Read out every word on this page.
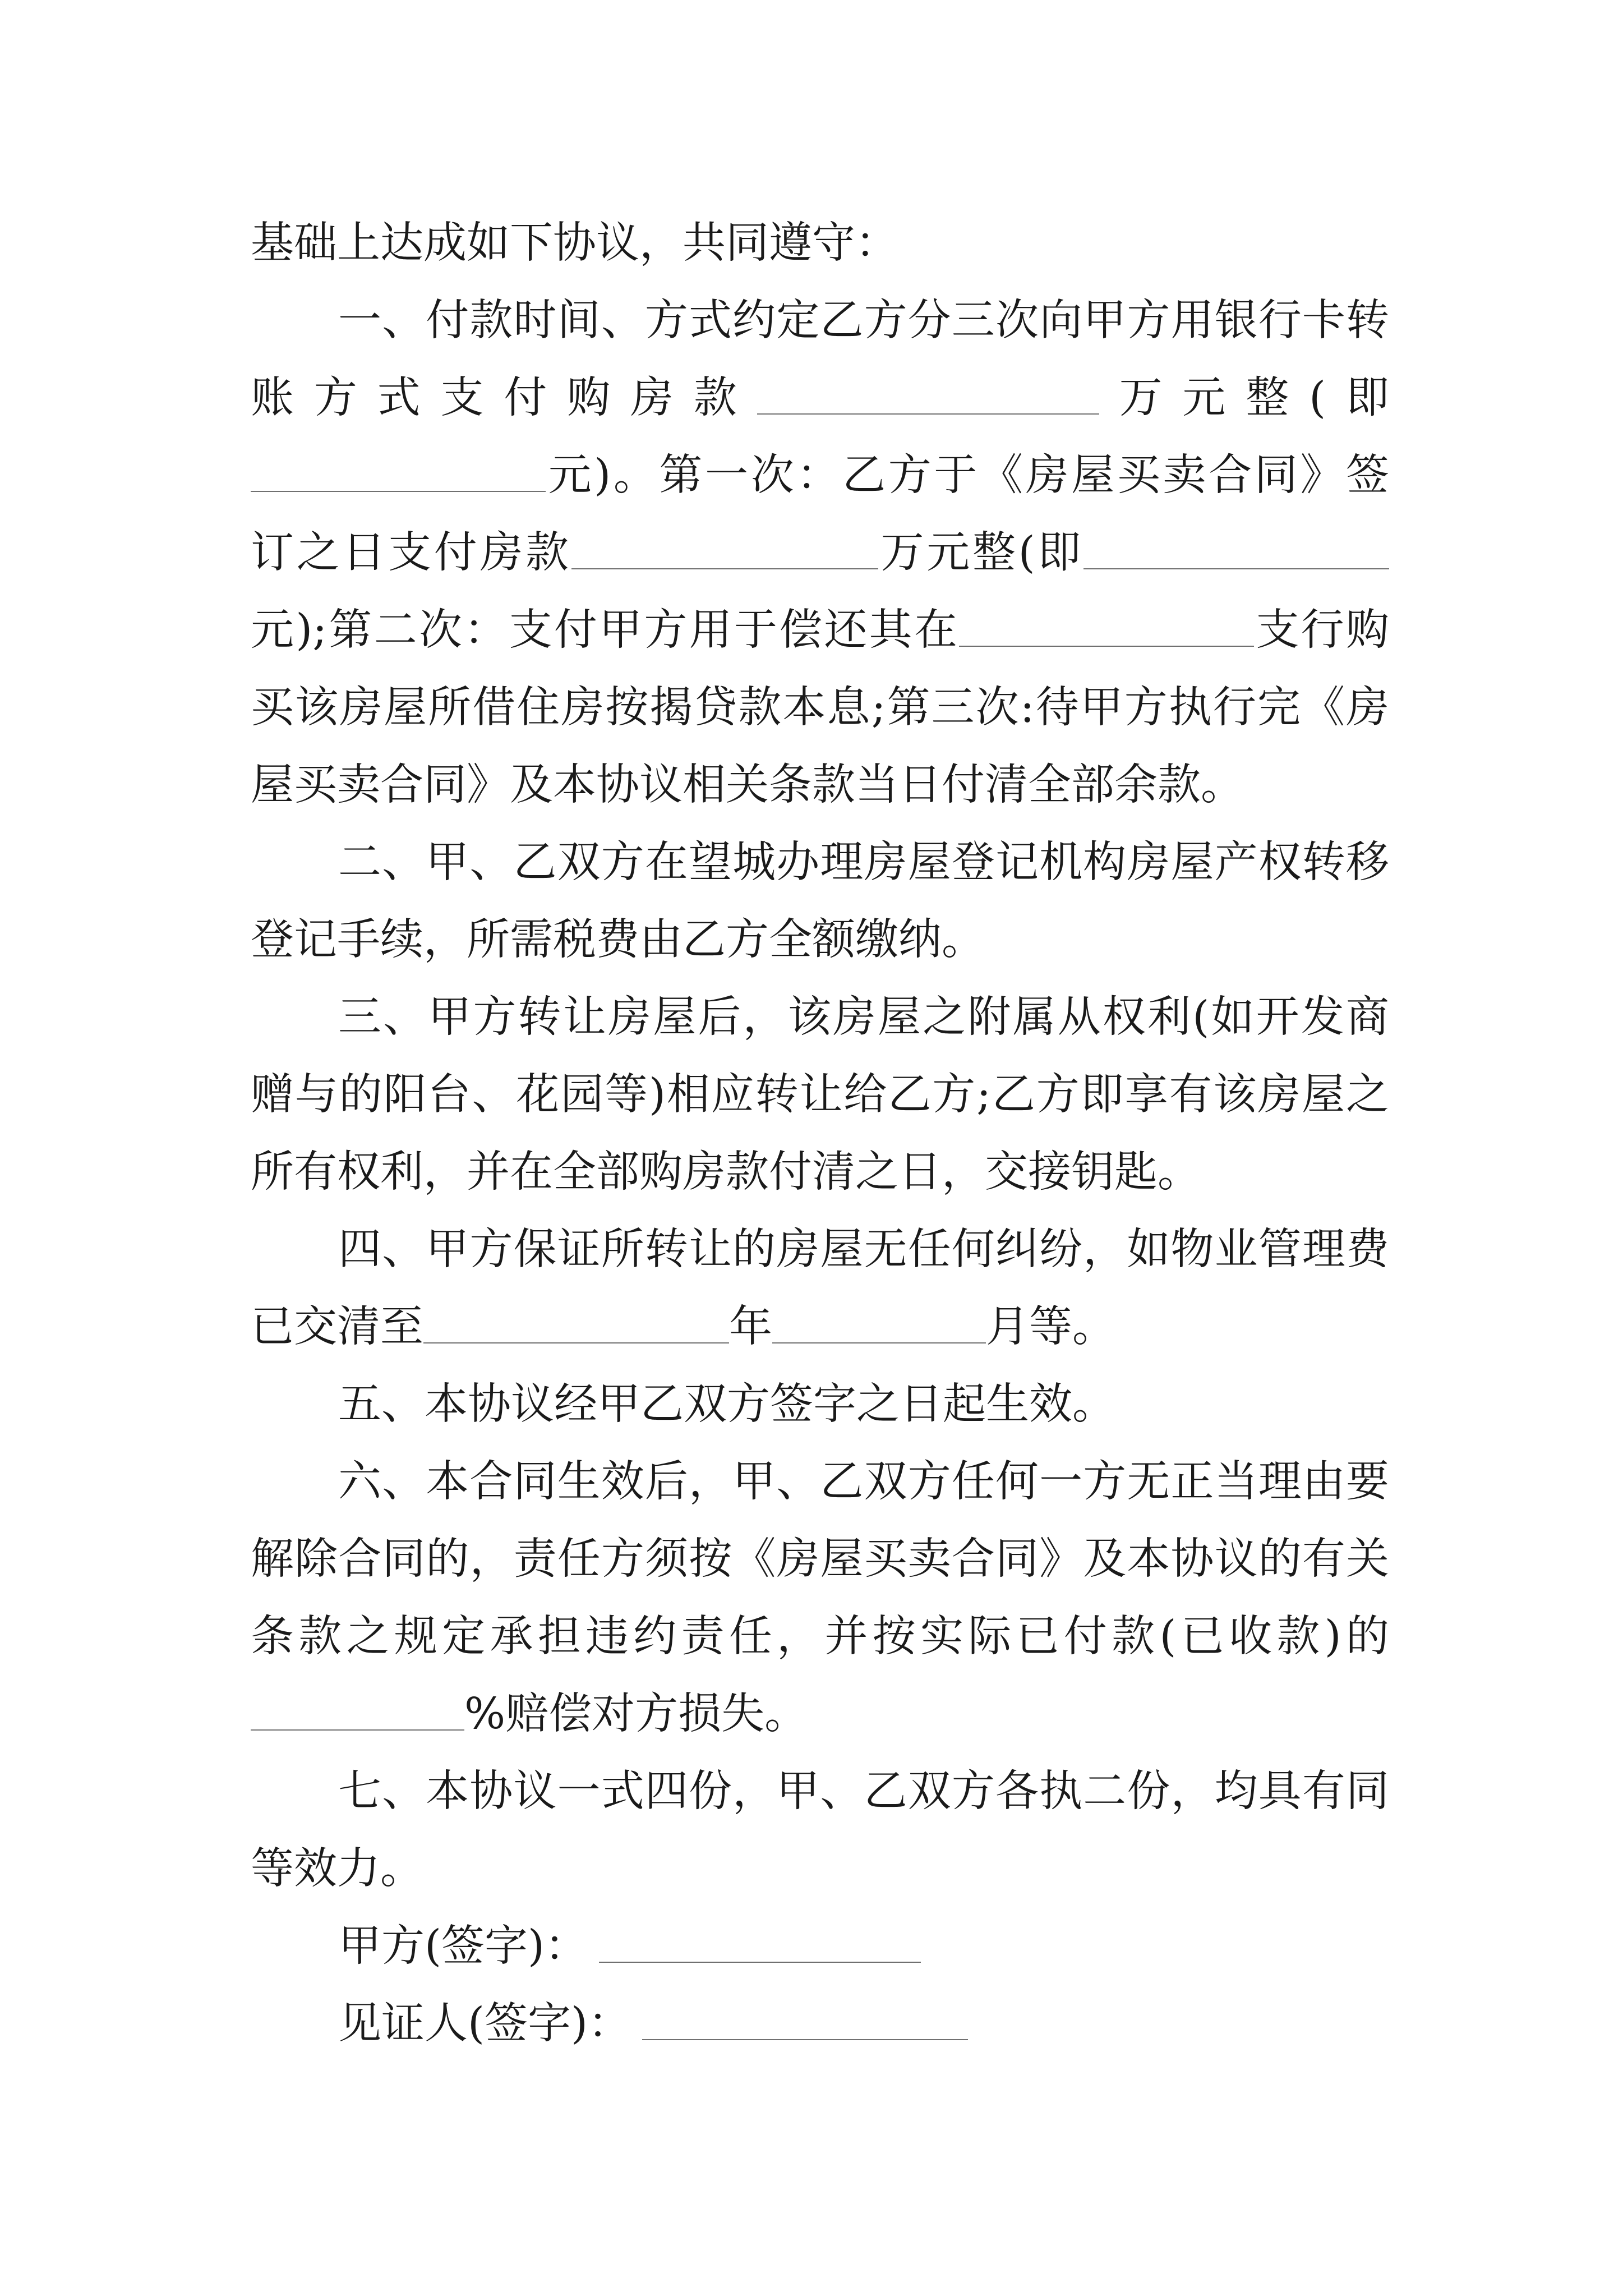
基础上达成如下协议，共同遵守：
一、付款时间、方式约定乙方分三次向甲方用银行卡转
账方式支付购房款	万元整(即
元)。第一次：乙方于《房屋买卖合同》签
订之日支付房款	万元整(即
元);第二次：支付甲方用于偿还其在	支行购
买该房屋所借住房按揭贷款本息;第三次:待甲方执行完《房
屋买卖合同》及本协议相关条款当日付清全部余款。
二、甲、乙双方在望城办理房屋登记机构房屋产权转移
登记手续，所需税费由乙方全额缴纳。
三、甲方转让房屋后，该房屋之附属从权利(如开发商
赠与的阳台、花园等)相应转让给乙方;乙方即享有该房屋之
所有权利，并在全部购房款付清之日，交接钥匙。
四、甲方保证所转让的房屋无任何纠纷，如物业管理费
已交清至	年	月等。
五、本协议经甲乙双方签字之日起生效。
六、本合同生效后，甲、乙双方任何一方无正当理由要
解除合同的，责任方须按《房屋买卖合同》及本协议的有关
条款之规定承担违约责任，并按实际已付款(已收款)的
%赔偿对方损失。
七、本协议一式四份，甲、乙双方各执二份，均具有同
等效力。
甲方(签字)：
见证人(签字)：
